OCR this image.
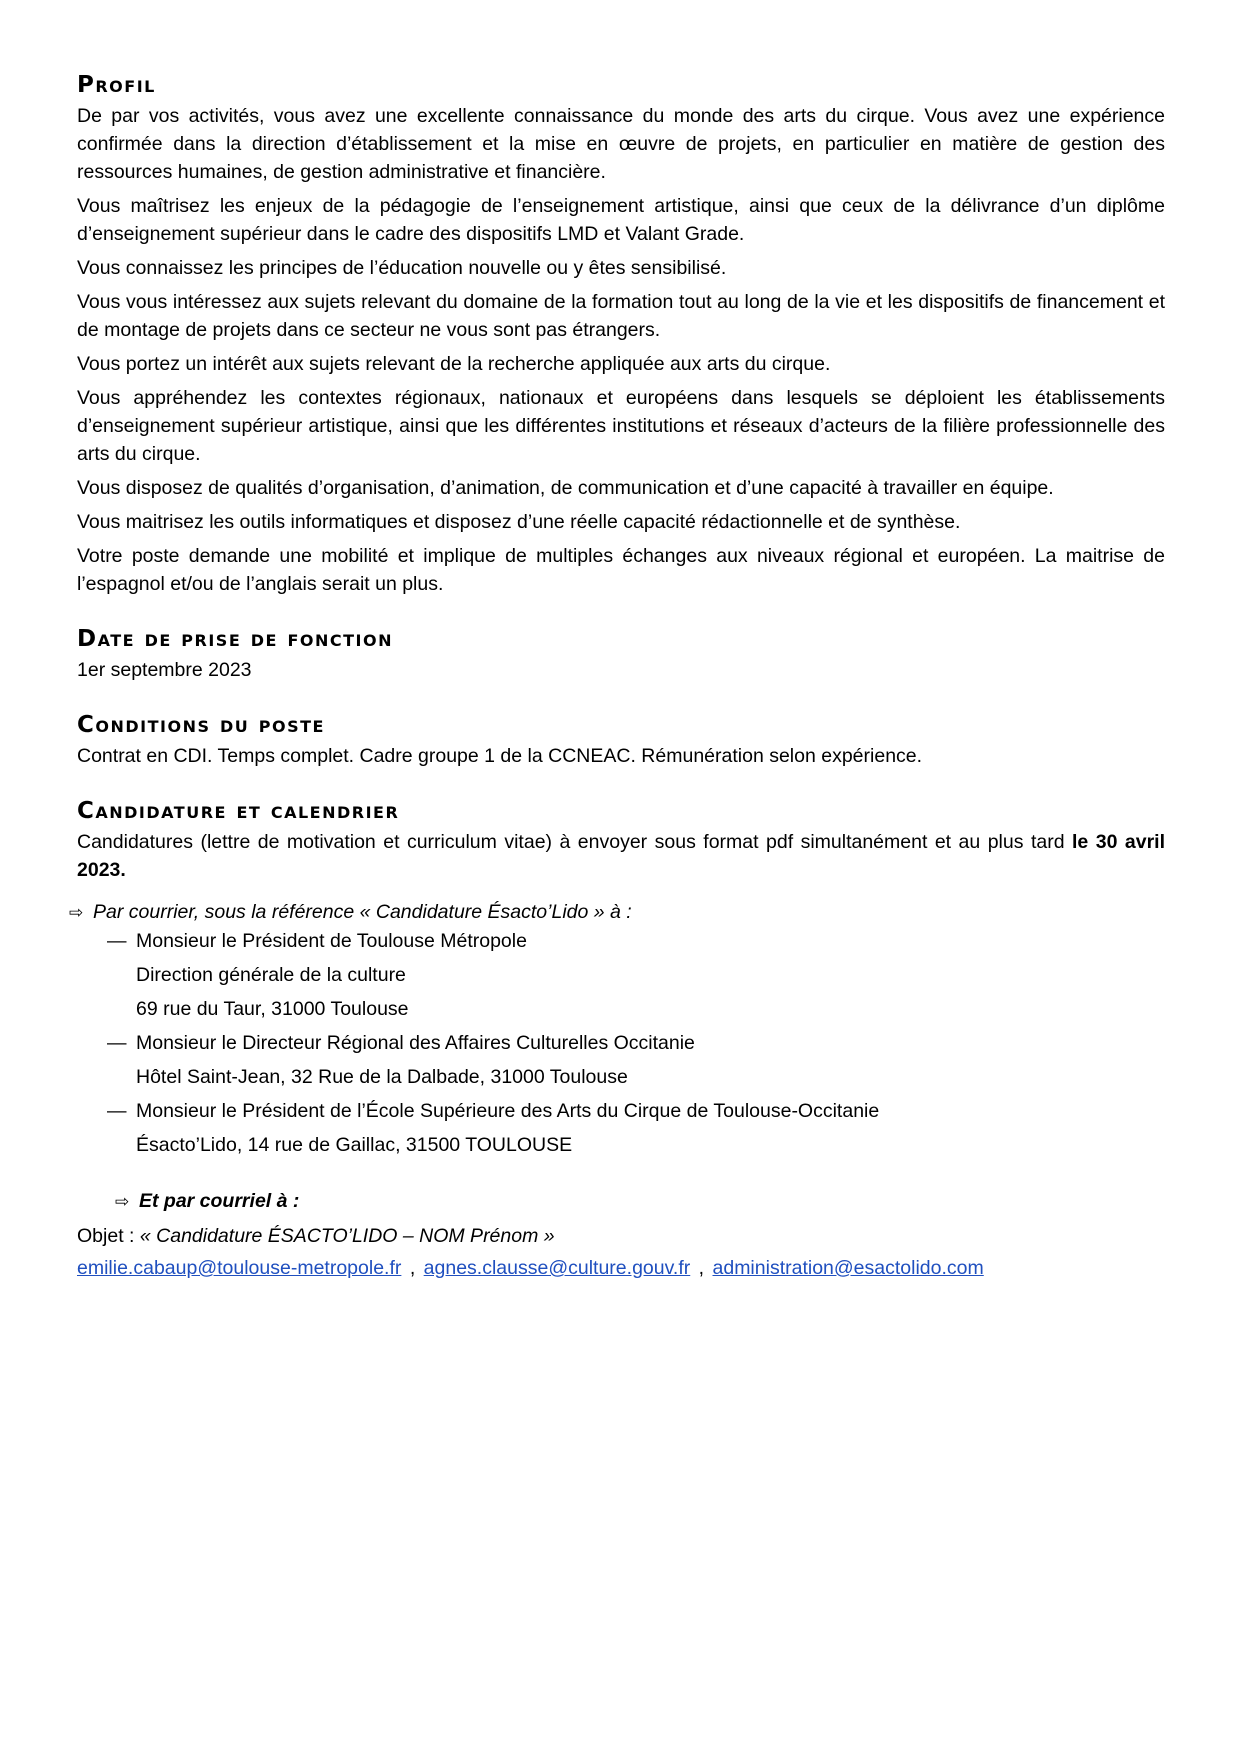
Profil

De par vos activités, vous avez une excellente connaissance du monde des arts du cirque. Vous avez une expérience confirmée dans la direction d’établissement et la mise en œuvre de projets, en particulier en matière de gestion des ressources humaines, de gestion administrative et financière.

Vous maîtrisez les enjeux de la pédagogie de l’enseignement artistique, ainsi que ceux de la délivrance d’un diplôme d’enseignement supérieur dans le cadre des dispositifs LMD et Valant Grade.

Vous connaissez les principes de l’éducation nouvelle ou y êtes sensibilisé.

Vous vous intéressez aux sujets relevant du domaine de la formation tout au long de la vie et les dispositifs de financement et de montage de projets dans ce secteur ne vous sont pas étrangers.

Vous portez un intérêt aux sujets relevant de la recherche appliquée aux arts du cirque.

Vous appréhendez les contextes régionaux, nationaux et européens dans lesquels se déploient les établissements d’enseignement supérieur artistique, ainsi que les différentes institutions et réseaux d’acteurs de la filière professionnelle des arts du cirque.

Vous disposez de qualités d’organisation, d’animation, de communication et d’une capacité à travailler en équipe.

Vous maitrisez les outils informatiques et disposez d’une réelle capacité rédactionnelle et de synthèse.

Votre poste demande une mobilité et implique de multiples échanges aux niveaux régional et européen. La maitrise de l’espagnol et/ou de l’anglais serait un plus.

Date de prise de fonction

1er septembre 2023

Conditions du poste

Contrat en CDI. Temps complet. Cadre groupe 1 de la CCNEAC. Rémunération selon expérience.

Candidature et calendrier

Candidatures (lettre de motivation et curriculum vitae) à envoyer sous format pdf simultanément et au plus tard le 30 avril 2023.

⇨ Par courrier, sous la référence « Candidature Ésacto’Lido » à :
— Monsieur le Président de Toulouse Métropole
Direction générale de la culture
69 rue du Taur, 31000 Toulouse
— Monsieur le Directeur Régional des Affaires Culturelles Occitanie
Hôtel Saint-Jean, 32 Rue de la Dalbade, 31000 Toulouse
— Monsieur le Président de l’École Supérieure des Arts du Cirque de Toulouse-Occitanie
Ésacto’Lido, 14 rue de Gaillac, 31500 TOULOUSE
⇨ Et par courriel à :
Objet : « Candidature ÉSACTO’LIDO – NOM Prénom »
emilie.cabaup@toulouse-metropole.fr , agnes.clausse@culture.gouv.fr , administration@esactolido.com
